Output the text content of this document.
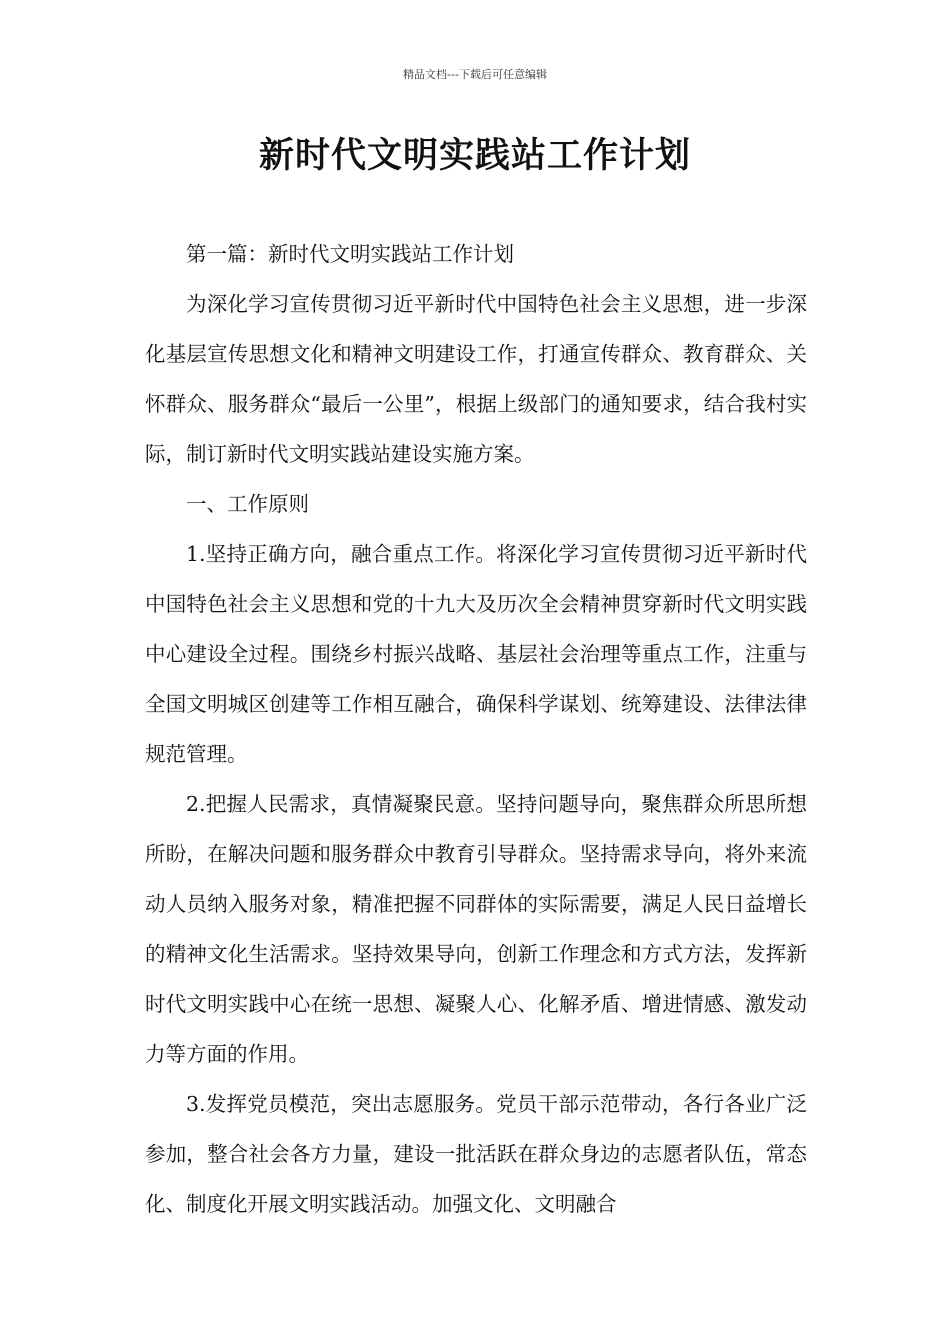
精品文档---下载后可任意编辑
新时代文明实践站工作计划

第一篇：新时代文明实践站工作计划

为深化学习宣传贯彻习近平新时代中国特色社会主义思想，进一步深化基层宣传思想文化和精神文明建设工作，打通宣传群众、教育群众、关怀群众、服务群众“最后一公里”，根据上级部门的通知要求，结合我村实际，制订新时代文明实践站建设实施方案。

一、工作原则

1.坚持正确方向，融合重点工作。将深化学习宣传贯彻习近平新时代中国特色社会主义思想和党的十九大及历次全会精神贯穿新时代文明实践中心建设全过程。围绕乡村振兴战略、基层社会治理等重点工作，注重与全国文明城区创建等工作相互融合，确保科学谋划、统筹建设、法律法律规范管理。

2.把握人民需求，真情凝聚民意。坚持问题导向，聚焦群众所思所想所盼，在解决问题和服务群众中教育引导群众。坚持需求导向，将外来流动人员纳入服务对象，精准把握不同群体的实际需要，满足人民日益增长的精神文化生活需求。坚持效果导向，创新工作理念和方式方法，发挥新时代文明实践中心在统一思想、凝聚人心、化解矛盾、增进情感、激发动力等方面的作用。

3.发挥党员模范，突出志愿服务。党员干部示范带动，各行各业广泛参加，整合社会各方力量，建设一批活跃在群众身边的志愿者队伍，常态化、制度化开展文明实践活动。加强文化、文明融合
